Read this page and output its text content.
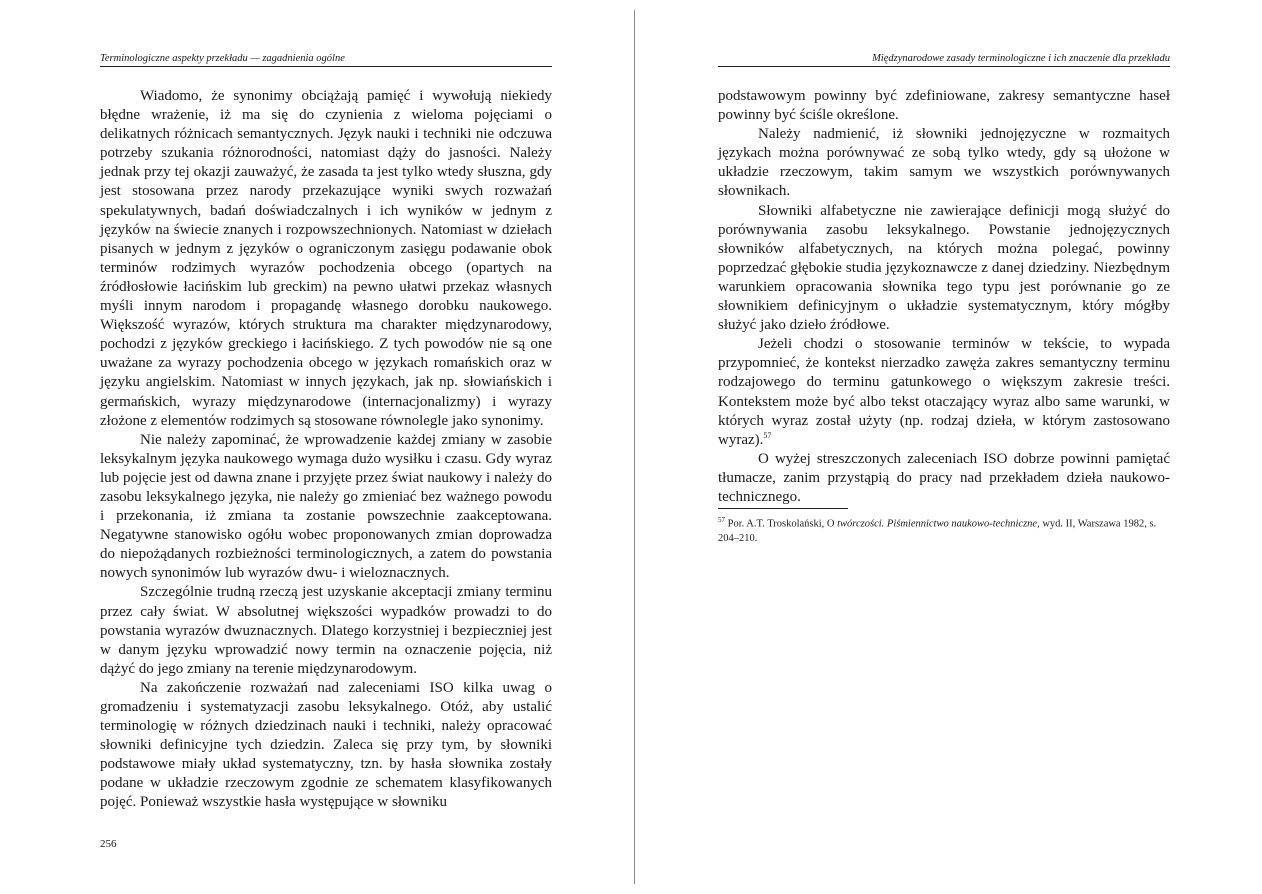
Terminologiczne aspekty przekładu — zagadnienia ogólne

Wiadomo, że synonimy obciążają pamięć i wywołują niekiedy błędne wrażenie, iż ma się do czynienia z wieloma pojęciami o delikatnych różnicach semantycznych. Język nauki i techniki nie odczuwa potrzeby szukania różnorodności, natomiast dąży do jasności. Należy jednak przy tej okazji zauważyć, że zasada ta jest tylko wtedy słuszna, gdy jest stosowana przez narody przekazujące wyniki swych rozważań spekulatywnych, badań doświadczalnych i ich wyników w jednym z języków na świecie znanych i rozpowszechnionych. Natomiast w dziełach pisanych w jednym z języków o ograniczonym zasięgu podawanie obok terminów rodzimych wyrazów pochodzenia obcego (opartych na źródłosłowie łacińskim lub greckim) na pewno ułatwi przekaz własnych myśli innym narodom i propagandę własnego dorobku naukowego. Większość wyrazów, których struktura ma charakter międzynarodowy, pochodzi z języków greckiego i łacińskiego. Z tych powodów nie są one uważane za wyrazy pochodzenia obcego w językach romańskich oraz w języku angielskim. Natomiast w innych językach, jak np. słowiańskich i germańskich, wyrazy międzynarodowe (internacjonalizmy) i wyrazy złożone z elementów rodzimych są stosowane równolegle jako synonimy.

Nie należy zapominać, że wprowadzenie każdej zmiany w zasobie leksykalnym języka naukowego wymaga dużo wysiłku i czasu. Gdy wyraz lub pojęcie jest od dawna znane i przyjęte przez świat naukowy i należy do zasobu leksykalnego języka, nie należy go zmieniać bez ważnego powodu i przekonania, iż zmiana ta zostanie powszechnie zaakceptowana. Negatywne stanowisko ogółu wobec proponowanych zmian doprowadza do niepożądanych rozbieżności terminologicznych, a zatem do powstania nowych synonimów lub wyrazów dwu- i wieloznacznych.

Szczególnie trudną rzeczą jest uzyskanie akceptacji zmiany terminu przez cały świat. W absolutnej większości wypadków prowadzi to do powstania wyrazów dwuznacznych. Dlatego korzystniej i bezpieczniej jest w danym języku wprowadzić nowy termin na oznaczenie pojęcia, niż dążyć do jego zmiany na terenie międzynarodowym.

Na zakończenie rozważań nad zaleceniami ISO kilka uwag o gromadzeniu i systematyzacji zasobu leksykalnego. Otóż, aby ustalić terminologię w różnych dziedzinach nauki i techniki, należy opracować słowniki definicyjne tych dziedzin. Zaleca się przy tym, by słowniki podstawowe miały układ systematyczny, tzn. by hasła słownika zostały podane w układzie rzeczowym zgodnie ze schematem klasyfikowanych pojęć. Ponieważ wszystkie hasła występujące w słowniku

256
Międzynarodowe zasady terminologiczne i ich znaczenie dla przekładu

podstawowym powinny być zdefiniowane, zakresy semantyczne haseł powinny być ściśle określone.

Należy nadmienić, iż słowniki jednojęzyczne w rozmaitych językach można porównywać ze sobą tylko wtedy, gdy są ułożone w układzie rzeczowym, takim samym we wszystkich porównywanych słownikach.

Słowniki alfabetyczne nie zawierające definicji mogą służyć do porównywania zasobu leksykalnego. Powstanie jednojęzycznych słowników alfabetycznych, na których można polegać, powinny poprzedzać głębokie studia językoznawcze z danej dziedziny. Niezbędnym warunkiem opracowania słownika tego typu jest porównanie go ze słownikiem definicyjnym o układzie systematycznym, który mógłby służyć jako dzieło źródłowe.

Jeżeli chodzi o stosowanie terminów w tekście, to wypada przypomnieć, że kontekst nierzadko zawęża zakres semantyczny terminu rodzajowego do terminu gatunkowego o większym zakresie treści. Kontekstem może być albo tekst otaczający wyraz albo same warunki, w których wyraz został użyty (np. rodzaj dzieła, w którym zastosowano wyraz).$^{57}$

O wyżej streszczonych zaleceniach ISO dobrze powinni pamiętać tłumacze, zanim przystąpią do pracy nad przekładem dzieła naukowo-technicznego.

$^{57}$ Por. A.T. Troskolański, O twórczości. Piśmiennictwo naukowo-techniczne, wyd. II, Warszawa 1982, s. 204–210.
